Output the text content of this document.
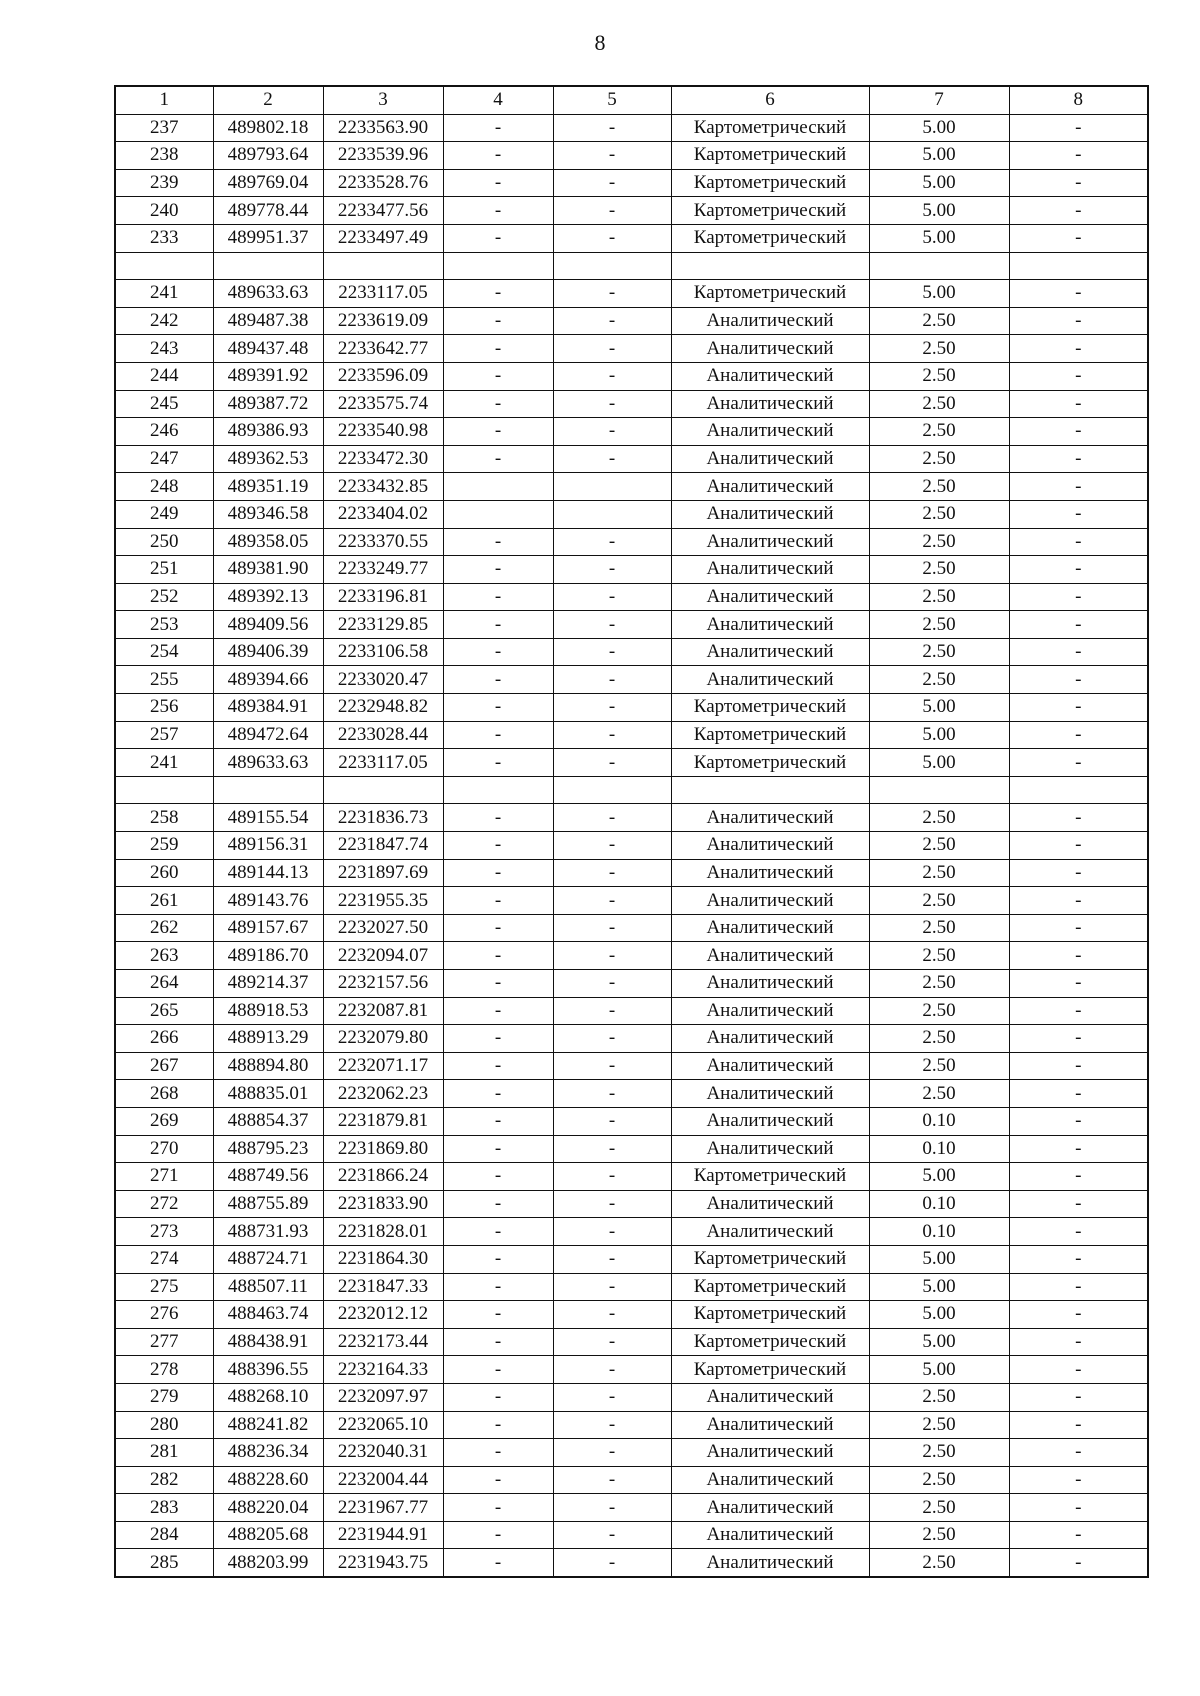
8
1	2	3	4	5	6	7	8
237	489802.18	2233563.90	-	-	Картометрический	5.00	-
238	489793.64	2233539.96	-	-	Картометрический	5.00	-
239	489769.04	2233528.76	-	-	Картометрический	5.00	-
240	489778.44	2233477.56	-	-	Картометрический	5.00	-
233	489951.37	2233497.49	-	-	Картометрический	5.00	-

241	489633.63	2233117.05	-	-	Картометрический	5.00	-
242	489487.38	2233619.09	-	-	Аналитический	2.50	-
243	489437.48	2233642.77	-	-	Аналитический	2.50	-
244	489391.92	2233596.09	-	-	Аналитический	2.50	-
245	489387.72	2233575.74	-	-	Аналитический	2.50	-
246	489386.93	2233540.98	-	-	Аналитический	2.50	-
247	489362.53	2233472.30	-	-	Аналитический	2.50	-
248	489351.19	2233432.85			Аналитический	2.50	-
249	489346.58	2233404.02			Аналитический	2.50	-
250	489358.05	2233370.55	-	-	Аналитический	2.50	-
251	489381.90	2233249.77	-	-	Аналитический	2.50	-
252	489392.13	2233196.81	-	-	Аналитический	2.50	-
253	489409.56	2233129.85	-	-	Аналитический	2.50	-
254	489406.39	2233106.58	-	-	Аналитический	2.50	-
255	489394.66	2233020.47	-	-	Аналитический	2.50	-
256	489384.91	2232948.82	-	-	Картометрический	5.00	-
257	489472.64	2233028.44	-	-	Картометрический	5.00	-
241	489633.63	2233117.05	-	-	Картометрический	5.00	-

258	489155.54	2231836.73	-	-	Аналитический	2.50	-
259	489156.31	2231847.74	-	-	Аналитический	2.50	-
260	489144.13	2231897.69	-	-	Аналитический	2.50	-
261	489143.76	2231955.35	-	-	Аналитический	2.50	-
262	489157.67	2232027.50	-	-	Аналитический	2.50	-
263	489186.70	2232094.07	-	-	Аналитический	2.50	-
264	489214.37	2232157.56	-	-	Аналитический	2.50	-
265	488918.53	2232087.81	-	-	Аналитический	2.50	-
266	488913.29	2232079.80	-	-	Аналитический	2.50	-
267	488894.80	2232071.17	-	-	Аналитический	2.50	-
268	488835.01	2232062.23	-	-	Аналитический	2.50	-
269	488854.37	2231879.81	-	-	Аналитический	0.10	-
270	488795.23	2231869.80	-	-	Аналитический	0.10	-
271	488749.56	2231866.24	-	-	Картометрический	5.00	-
272	488755.89	2231833.90	-	-	Аналитический	0.10	-
273	488731.93	2231828.01	-	-	Аналитический	0.10	-
274	488724.71	2231864.30	-	-	Картометрический	5.00	-
275	488507.11	2231847.33	-	-	Картометрический	5.00	-
276	488463.74	2232012.12	-	-	Картометрический	5.00	-
277	488438.91	2232173.44	-	-	Картометрический	5.00	-
278	488396.55	2232164.33	-	-	Картометрический	5.00	-
279	488268.10	2232097.97	-	-	Аналитический	2.50	-
280	488241.82	2232065.10	-	-	Аналитический	2.50	-
281	488236.34	2232040.31	-	-	Аналитический	2.50	-
282	488228.60	2232004.44	-	-	Аналитический	2.50	-
283	488220.04	2231967.77	-	-	Аналитический	2.50	-
284	488205.68	2231944.91	-	-	Аналитический	2.50	-
285	488203.99	2231943.75	-	-	Аналитический	2.50	-
